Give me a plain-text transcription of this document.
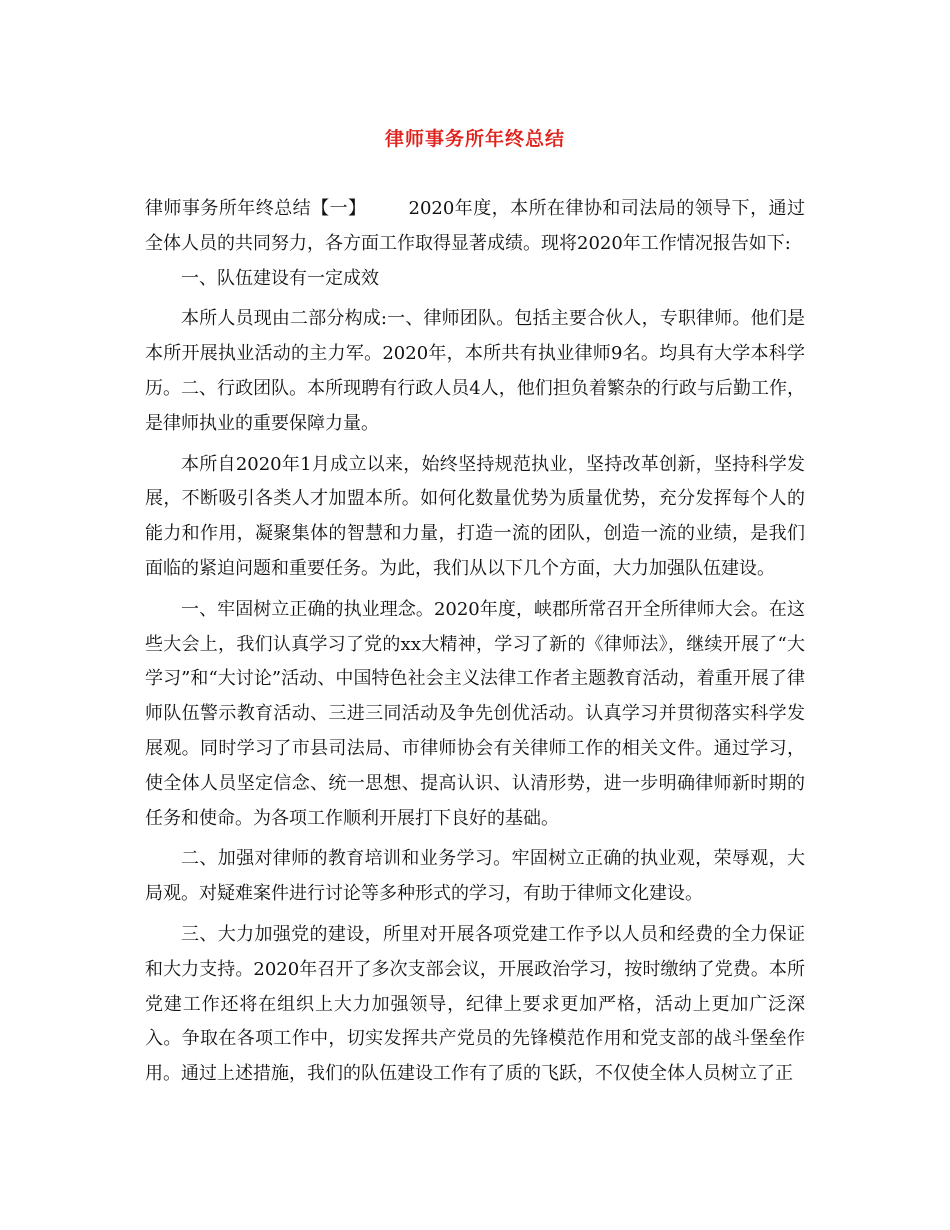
律师事务所年终总结

律师事务所年终总结【一】 2020年度，本所在律协和司法局的领导下，通过全体人员的共同努力，各方面工作取得显著成绩。现将2020年工作情况报告如下:

一、队伍建设有一定成效

本所人员现由二部分构成:一、律师团队。包括主要合伙人，专职律师。他们是本所开展执业活动的主力军。2020年，本所共有执业律师9名。均具有大学本科学历。二、行政团队。本所现聘有行政人员4人，他们担负着繁杂的行政与后勤工作，是律师执业的重要保障力量。

本所自2020年1月成立以来，始终坚持规范执业，坚持改革创新，坚持科学发展，不断吸引各类人才加盟本所。如何化数量优势为质量优势，充分发挥每个人的能力和作用，凝聚集体的智慧和力量，打造一流的团队，创造一流的业绩，是我们面临的紧迫问题和重要任务。为此，我们从以下几个方面，大力加强队伍建设。

一、牢固树立正确的执业理念。2020年度，峡郡所常召开全所律师大会。在这些大会上，我们认真学习了党的xx大精神，学习了新的《律师法》，继续开展了“大学习”和“大讨论”活动、中国特色社会主义法律工作者主题教育活动，着重开展了律师队伍警示教育活动、三进三同活动及争先创优活动。认真学习并贯彻落实科学发展观。同时学习了市县司法局、市律师协会有关律师工作的相关文件。通过学习，使全体人员坚定信念、统一思想、提高认识、认清形势，进一步明确律师新时期的任务和使命。为各项工作顺利开展打下良好的基础。

二、加强对律师的教育培训和业务学习。牢固树立正确的执业观，荣辱观，大局观。对疑难案件进行讨论等多种形式的学习，有助于律师文化建设。

三、大力加强党的建设，所里对开展各项党建工作予以人员和经费的全力保证和大力支持。2020年召开了多次支部会议，开展政治学习，按时缴纳了党费。本所党建工作还将在组织上大力加强领导，纪律上要求更加严格，活动上更加广泛深入。争取在各项工作中，切实发挥共产党员的先锋模范作用和党支部的战斗堡垒作用。通过上述措施，我们的队伍建设工作有了质的飞跃，不仅使全体人员树立了正
